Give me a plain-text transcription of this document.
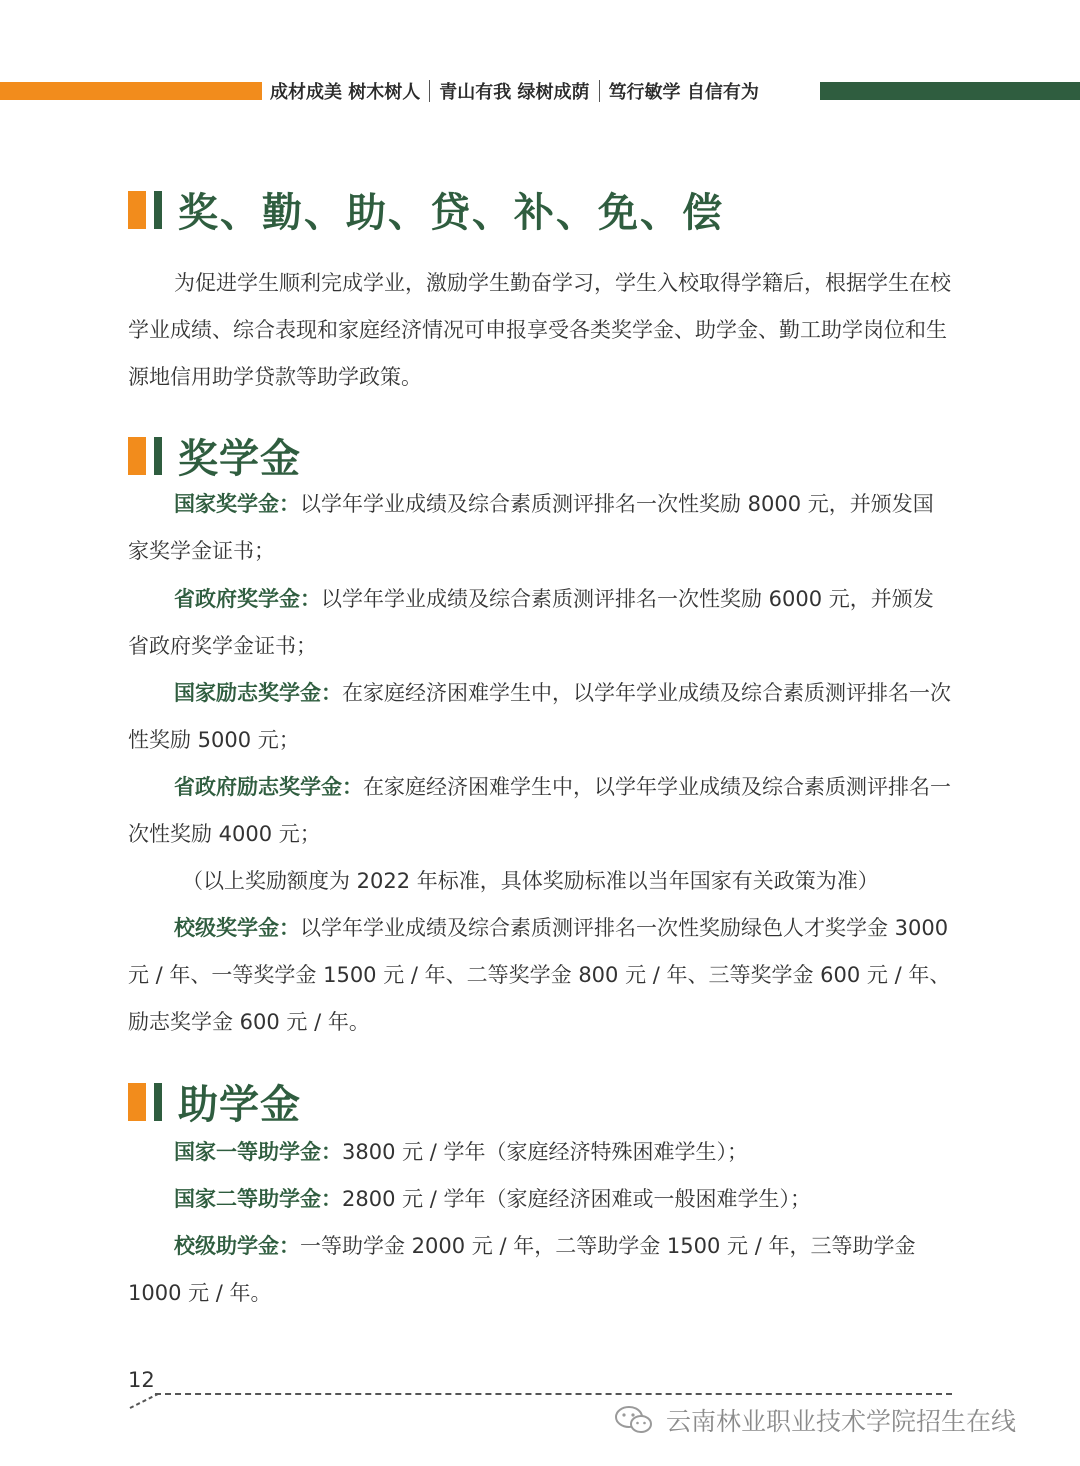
成材成美 树木树人 青山有我 绿树成荫 笃行敏学 自信有为
奖、勤、助、贷、补、免、偿
为促进学生顺利完成学业，激励学生勤奋学习，学生入校取得学籍后，根据学生在校学业成绩、综合表现和家庭经济情况可申报享受各类奖学金、助学金、勤工助学岗位和生源地信用助学贷款等助学政策。
奖学金
国家奖学金：以学年学业成绩及综合素质测评排名一次性奖励 8000 元，并颁发国家奖学金证书；
省政府奖学金：以学年学业成绩及综合素质测评排名一次性奖励 6000 元，并颁发省政府奖学金证书；
国家励志奖学金：在家庭经济困难学生中，以学年学业成绩及综合素质测评排名一次性奖励 5000 元；
省政府励志奖学金：在家庭经济困难学生中，以学年学业成绩及综合素质测评排名一次性奖励 4000 元；
（以上奖励额度为 2022 年标准，具体奖励标准以当年国家有关政策为准）
校级奖学金：以学年学业成绩及综合素质测评排名一次性奖励绿色人才奖学金 3000 元 / 年、一等奖学金 1500 元 / 年、二等奖学金 800 元 / 年、三等奖学金 600 元 / 年、励志奖学金 600 元 / 年。
助学金
国家一等助学金：3800 元 / 学年（家庭经济特殊困难学生）；
国家二等助学金：2800 元 / 学年（家庭经济困难或一般困难学生）；
校级助学金：一等助学金 2000 元 / 年，二等助学金 1500 元 / 年，三等助学金 1000 元 / 年。
12
云南林业职业技术学院招生在线
